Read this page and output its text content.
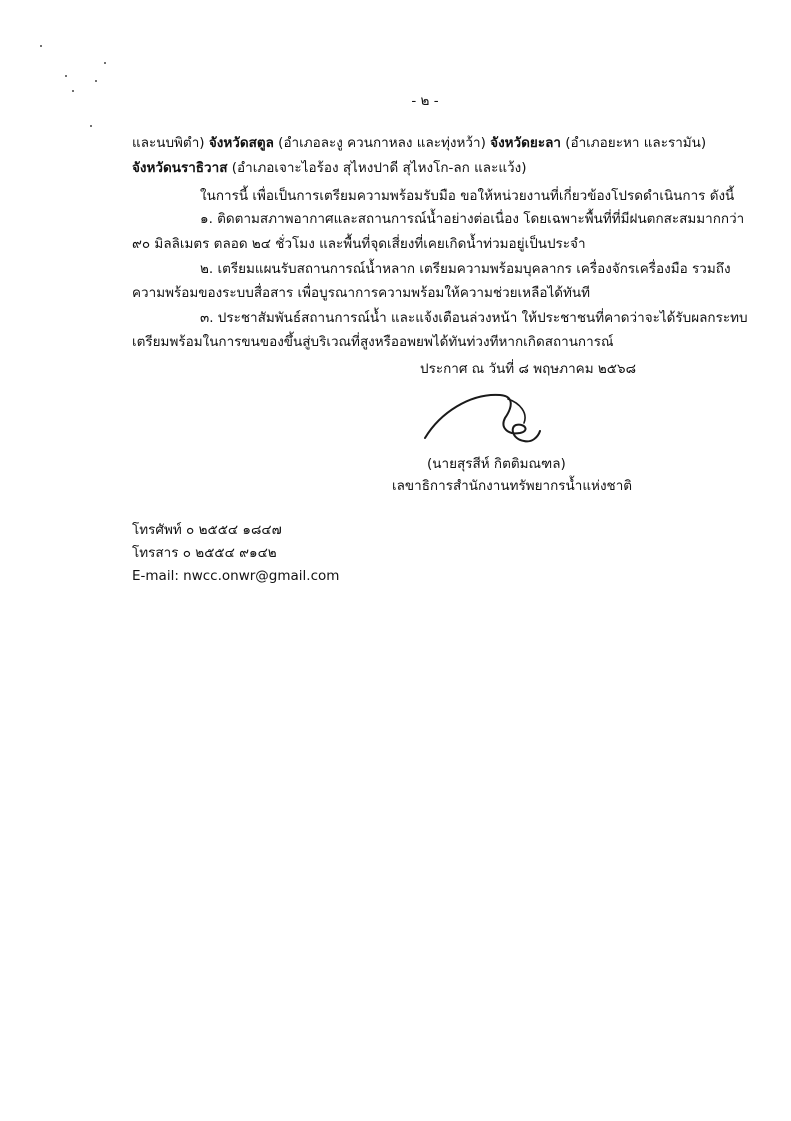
- ๒ -
และนบพิตำ) จังหวัดสตูล (อำเภอละงู ควนกาหลง และทุ่งหว้า) จังหวัดยะลา (อำเภอยะหา และรามัน)
จังหวัดนราธิวาส (อำเภอเจาะไอร้อง สุไหงปาดี สุไหงโก-ลก และแว้ง)
ในการนี้ เพื่อเป็นการเตรียมความพร้อมรับมือ ขอให้หน่วยงานที่เกี่ยวข้องโปรดดำเนินการ ดังนี้
๑. ติดตามสภาพอากาศและสถานการณ์น้ำอย่างต่อเนื่อง โดยเฉพาะพื้นที่ที่มีฝนตกสะสมมากกว่า
๙๐ มิลลิเมตร ตลอด ๒๔ ชั่วโมง และพื้นที่จุดเสี่ยงที่เคยเกิดน้ำท่วมอยู่เป็นประจำ
๒. เตรียมแผนรับสถานการณ์น้ำหลาก เตรียมความพร้อมบุคลากร เครื่องจักรเครื่องมือ รวมถึง
ความพร้อมของระบบสื่อสาร เพื่อบูรณาการความพร้อมให้ความช่วยเหลือได้ทันที
๓. ประชาสัมพันธ์สถานการณ์น้ำ และแจ้งเตือนล่วงหน้า ให้ประชาชนที่คาดว่าจะได้รับผลกระทบ
เตรียมพร้อมในการขนของขึ้นสู่บริเวณที่สูงหรืออพยพได้ทันท่วงทีหากเกิดสถานการณ์
ประกาศ ณ วันที่ ๘ พฤษภาคม ๒๕๖๘
(นายสุรสีห์ กิตติมณฑล)
เลขาธิการสำนักงานทรัพยากรน้ำแห่งชาติ
โทรศัพท์ ๐ ๒๕๕๔ ๑๘๔๗
โทรสาร ๐ ๒๕๕๔ ๙๑๔๒
E-mail: nwcc.onwr@gmail.com
